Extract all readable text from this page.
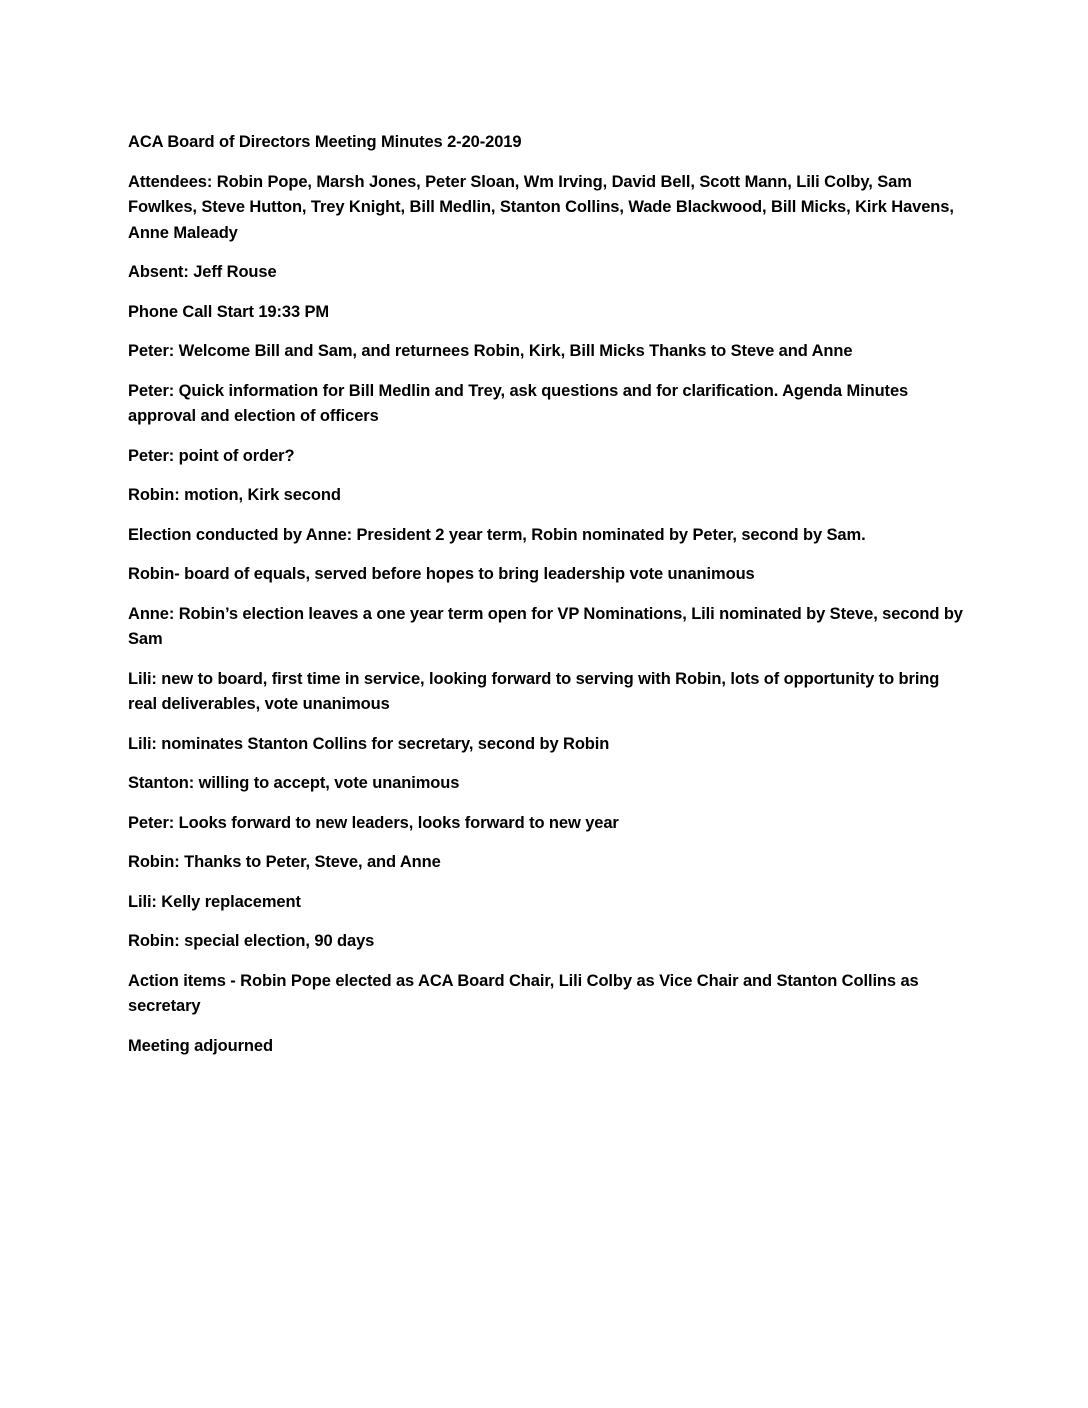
ACA Board of Directors Meeting Minutes 2-20-2019

Attendees: Robin Pope, Marsh Jones, Peter Sloan, Wm Irving, David Bell, Scott Mann, Lili Colby, Sam Fowlkes, Steve Hutton, Trey Knight, Bill Medlin, Stanton Collins, Wade Blackwood, Bill Micks, Kirk Havens, Anne Maleady

Absent: Jeff Rouse

Phone Call Start 19:33 PM

Peter: Welcome Bill and Sam, and returnees Robin, Kirk, Bill Micks Thanks to Steve and Anne

Peter: Quick information for Bill Medlin and Trey, ask questions and for clarification. Agenda Minutes approval and election of officers

Peter: point of order?

Robin: motion, Kirk second

Election conducted by Anne: President 2 year term, Robin nominated by Peter, second by Sam.

Robin- board of equals, served before hopes to bring leadership vote unanimous

Anne: Robin’s election leaves a one year term open for VP Nominations, Lili nominated by Steve, second by Sam

Lili: new to board, first time in service, looking forward to serving with Robin, lots of opportunity to bring real deliverables, vote unanimous

Lili: nominates Stanton Collins for secretary, second by Robin

Stanton: willing to accept, vote unanimous

Peter: Looks forward to new leaders, looks forward to new year

Robin: Thanks to Peter, Steve, and Anne

Lili: Kelly replacement

Robin: special election, 90 days

Action items - Robin Pope elected as ACA Board Chair, Lili Colby as Vice Chair and Stanton Collins as secretary

Meeting adjourned
